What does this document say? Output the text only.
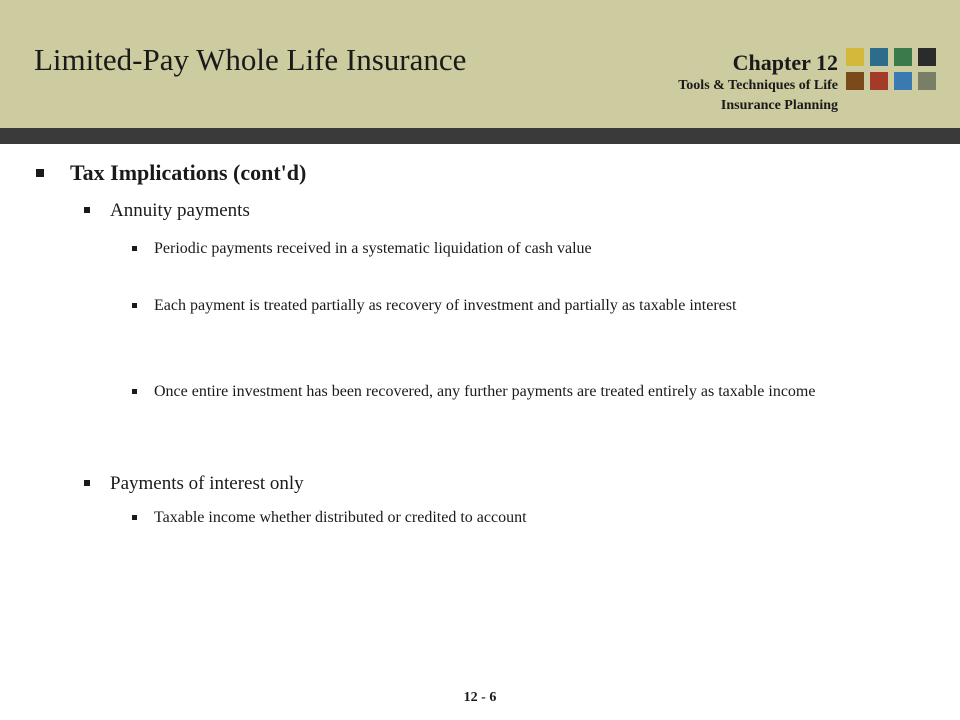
Limited-Pay Whole Life Insurance	Chapter 12
Tools & Techniques of Life
Insurance Planning
Tax Implications (cont'd)
Annuity payments
Periodic payments received in a systematic liquidation of cash value
Each payment is treated partially as recovery of investment and partially as taxable interest
Once entire investment has been recovered, any further payments are treated entirely as taxable income
Payments of interest only
Taxable income whether distributed or credited to account
12 - 6
